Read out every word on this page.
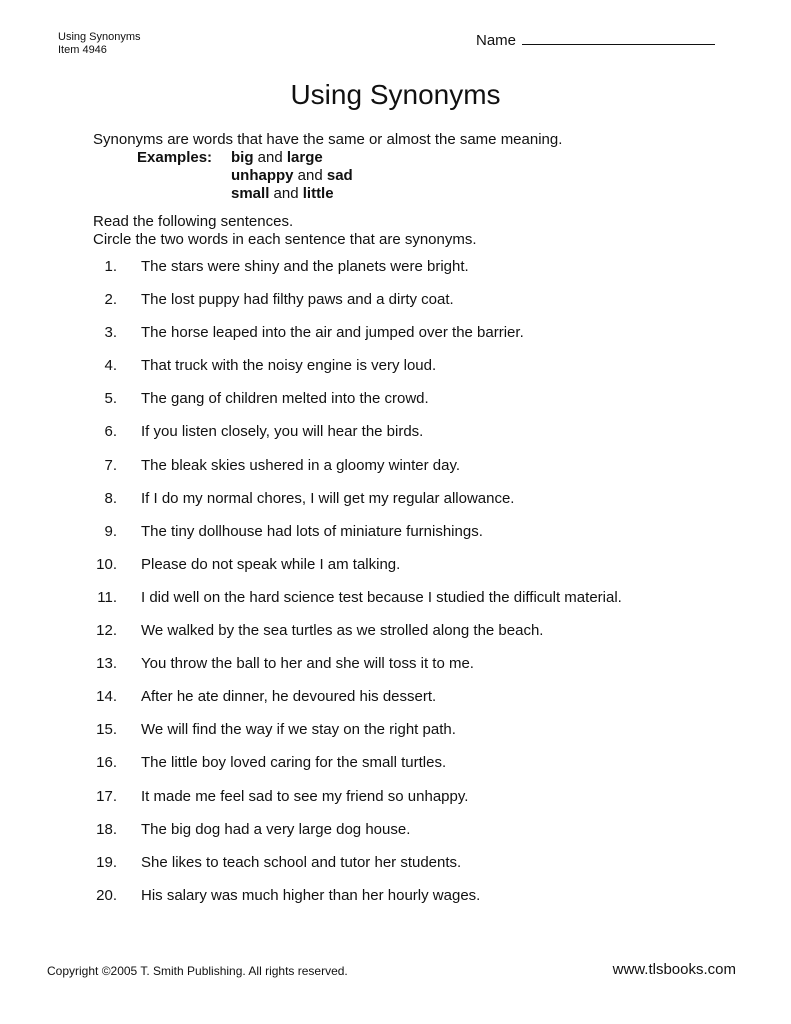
Using Synonyms
Item 4946
Name
Using Synonyms

Synonyms are words that have the same or almost the same meaning.

Examples: big and large
unhappy and sad
small and little
Read the following sentences.
Circle the two words in each sentence that are synonyms.
1. The stars were shiny and the planets were bright.
2. The lost puppy had filthy paws and a dirty coat.
3. The horse leaped into the air and jumped over the barrier.
4. That truck with the noisy engine is very loud.
5. The gang of children melted into the crowd.
6. If you listen closely, you will hear the birds.
7. The bleak skies ushered in a gloomy winter day.
8. If I do my normal chores, I will get my regular allowance.
9. The tiny dollhouse had lots of miniature furnishings.
10. Please do not speak while I am talking.
11. I did well on the hard science test because I studied the difficult material.
12. We walked by the sea turtles as we strolled along the beach.
13. You throw the ball to her and she will toss it to me.
14. After he ate dinner, he devoured his dessert.
15. We will find the way if we stay on the right path.
16. The little boy loved caring for the small turtles.
17. It made me feel sad to see my friend so unhappy.
18. The big dog had a very large dog house.
19. She likes to teach school and tutor her students.
20. His salary was much higher than her hourly wages.
Copyright ©2005 T. Smith Publishing. All rights reserved.	www.tlsbooks.com
